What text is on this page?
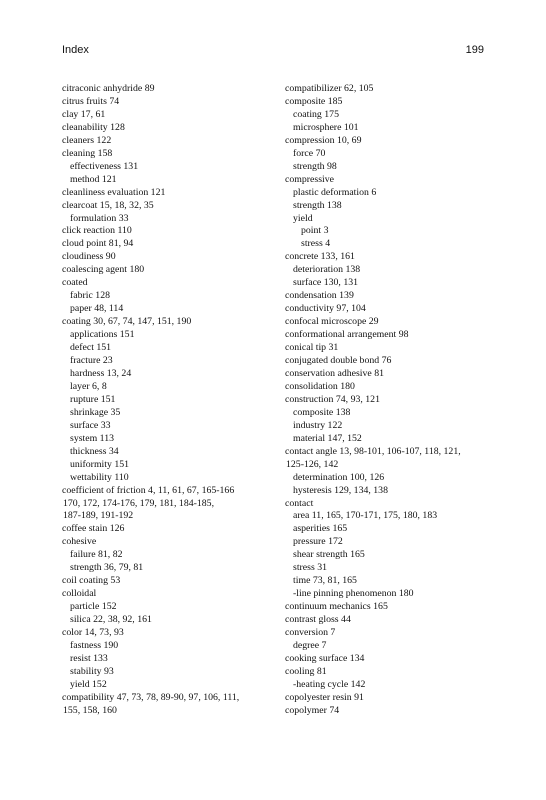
Index	199
citraconic anhydride 89
citrus fruits 74
clay 17, 61
cleanability 128
cleaners 122
cleaning 158
effectiveness 131
method 121
cleanliness evaluation 121
clearcoat 15, 18, 32, 35
formulation 33
click reaction 110
cloud point 81, 94
cloudiness 90
coalescing agent 180
coated
fabric 128
paper 48, 114
coating 30, 67, 74, 147, 151, 190
applications 151
defect 151
fracture 23
hardness 13, 24
layer 6, 8
rupture 151
shrinkage 35
surface 33
system 113
thickness 34
uniformity 151
wettability 110
coefficient of friction 4, 11, 61, 67, 165-166
170, 172, 174-176, 179, 181, 184-185,
187-189, 191-192
coffee stain 126
cohesive
failure 81, 82
strength 36, 79, 81
coil coating 53
colloidal
particle 152
silica 22, 38, 92, 161
color 14, 73, 93
fastness 190
resist 133
stability 93
yield 152
compatibility 47, 73, 78, 89-90, 97, 106, 111,
155, 158, 160
compatibilizer 62, 105
composite 185
coating 175
microsphere 101
compression 10, 69
force 70
strength 98
compressive
plastic deformation 6
strength 138
yield
point 3
stress 4
concrete 133, 161
deterioration 138
surface 130, 131
condensation 139
conductivity 97, 104
confocal microscope 29
conformational arrangement 98
conical tip 31
conjugated double bond 76
conservation adhesive 81
consolidation 180
construction 74, 93, 121
composite 138
industry 122
material 147, 152
contact angle 13, 98-101, 106-107, 118, 121,
125-126, 142
determination 100, 126
hysteresis 129, 134, 138
contact
area 11, 165, 170-171, 175, 180, 183
asperities 165
pressure 172
shear strength 165
stress 31
time 73, 81, 165
-line pinning phenomenon 180
continuum mechanics 165
contrast gloss 44
conversion 7
degree 7
cooking surface 134
cooling 81
-heating cycle 142
copolyester resin 91
copolymer 74
